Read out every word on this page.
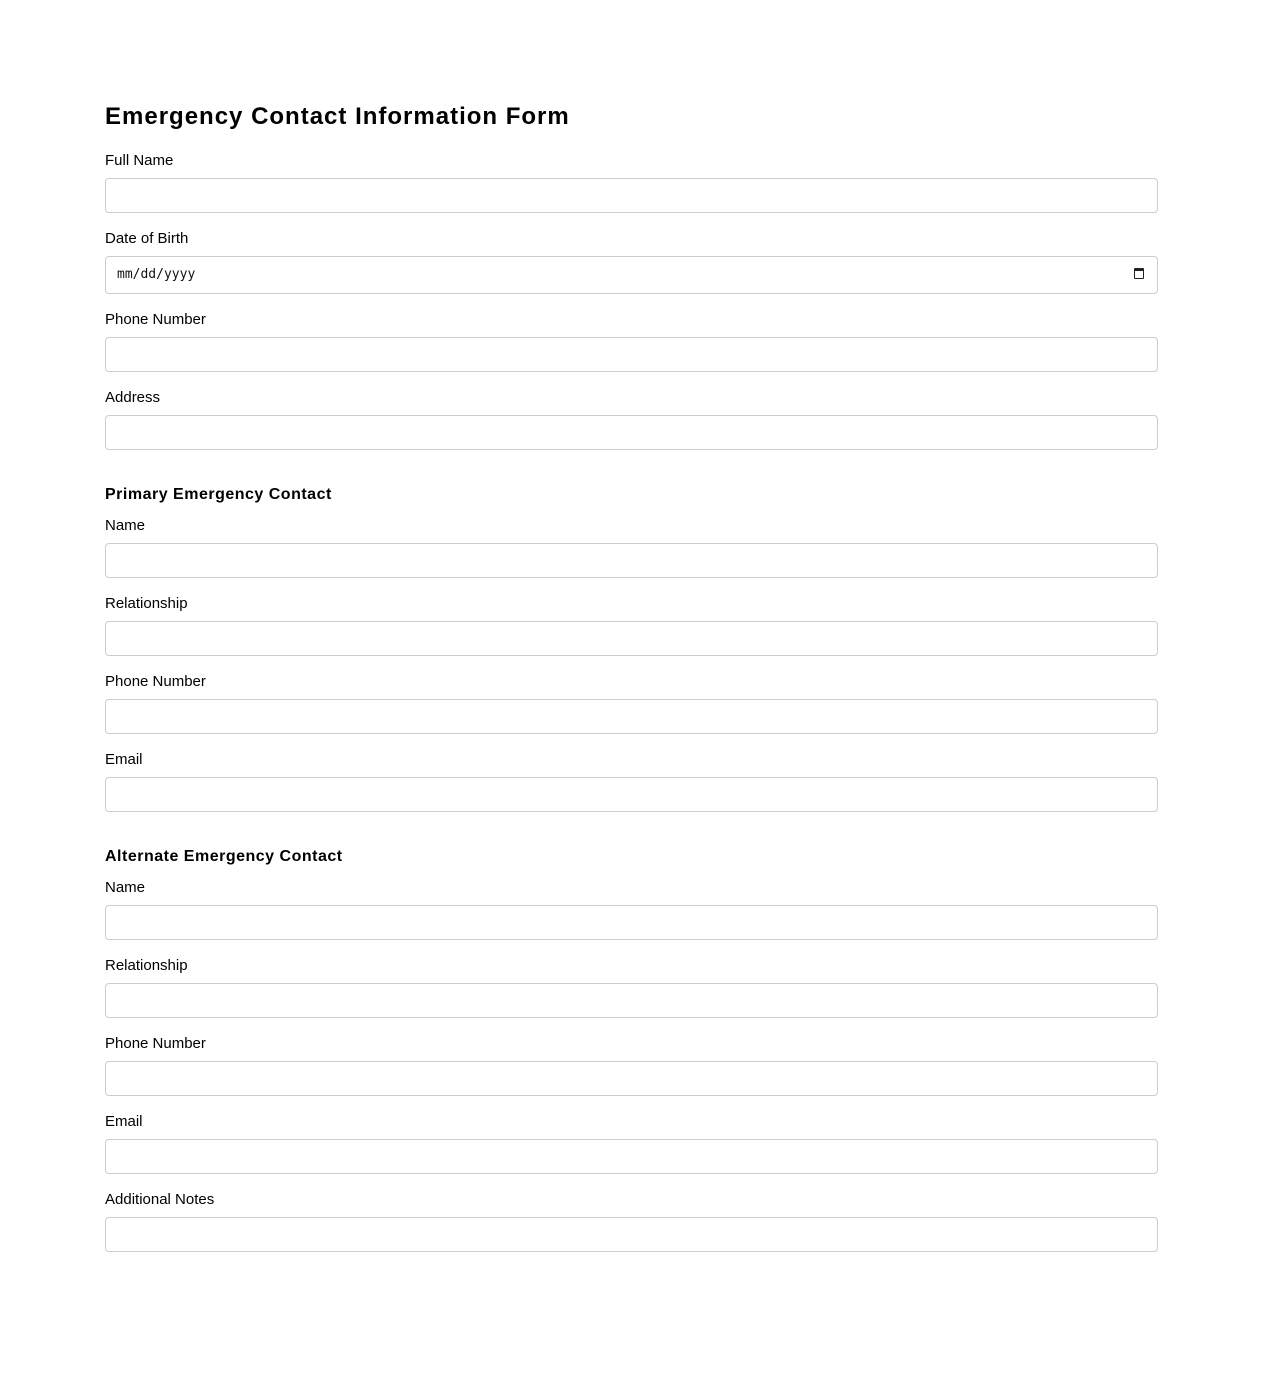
Emergency Contact Information Form
Full Name
Date of Birth
mm/dd/yyyy
Phone Number
Address
Primary Emergency Contact
Name
Relationship
Phone Number
Email
Alternate Emergency Contact
Name
Relationship
Phone Number
Email
Additional Notes
